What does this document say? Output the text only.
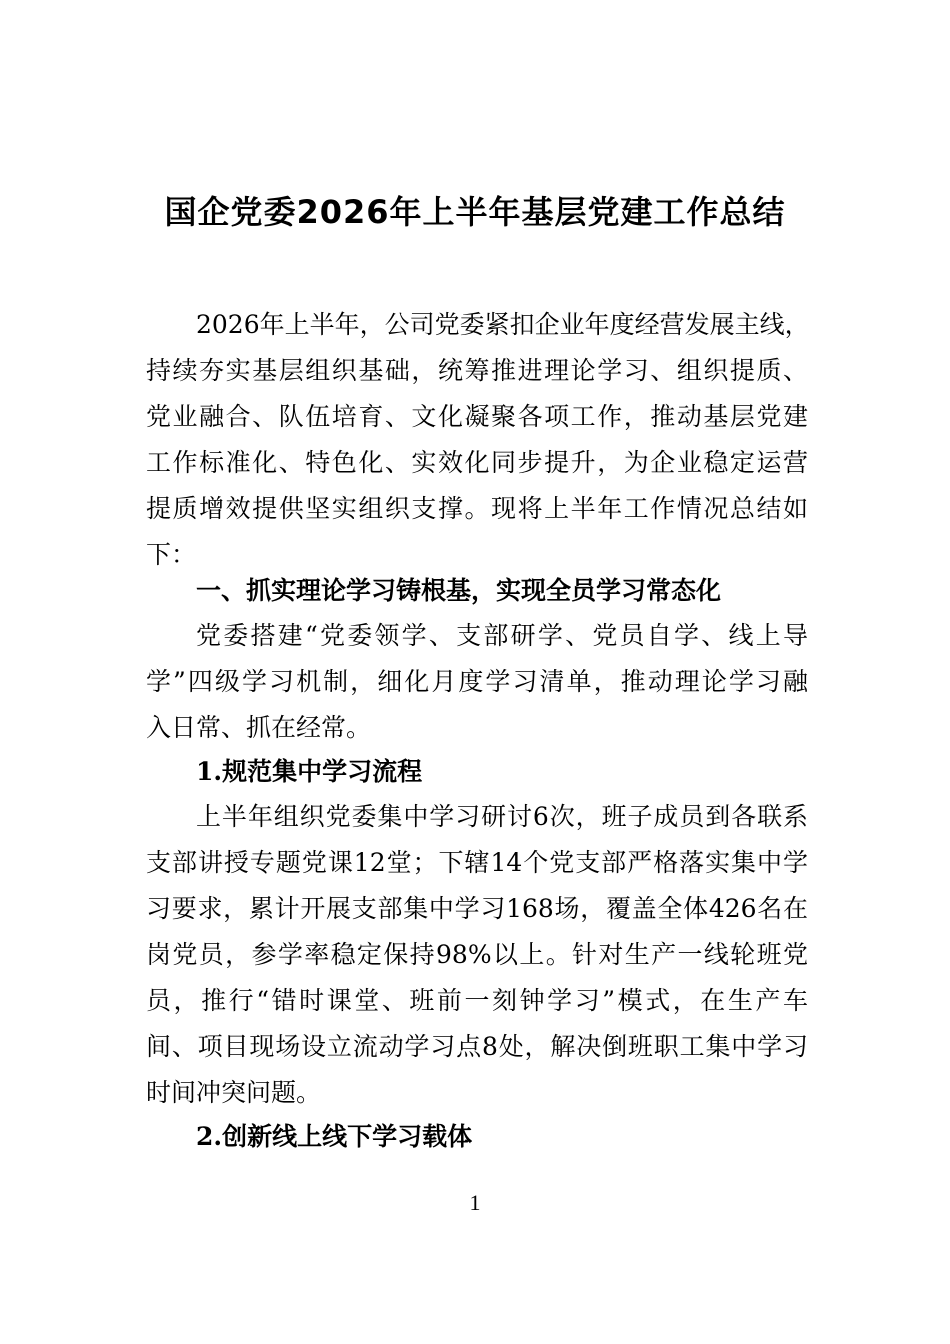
国企党委2026年上半年基层党建工作总结
2026年上半年，公司党委紧扣企业年度经营发展主线，
持续夯实基层组织基础，统筹推进理论学习、组织提质、
党业融合、队伍培育、文化凝聚各项工作，推动基层党建
工作标准化、特色化、实效化同步提升，为企业稳定运营
提质增效提供坚实组织支撑。现将上半年工作情况总结如
下：
一、抓实理论学习铸根基，实现全员学习常态化
党委搭建“党委领学、支部研学、党员自学、线上导
学”四级学习机制，细化月度学习清单，推动理论学习融
入日常、抓在经常。
1.规范集中学习流程
上半年组织党委集中学习研讨6次，班子成员到各联系
支部讲授专题党课12堂；下辖14个党支部严格落实集中学
习要求，累计开展支部集中学习168场，覆盖全体426名在
岗党员，参学率稳定保持98%以上。针对生产一线轮班党
员，推行“错时课堂、班前一刻钟学习”模式，在生产车
间、项目现场设立流动学习点8处，解决倒班职工集中学习
时间冲突问题。
2.创新线上线下学习载体
1
